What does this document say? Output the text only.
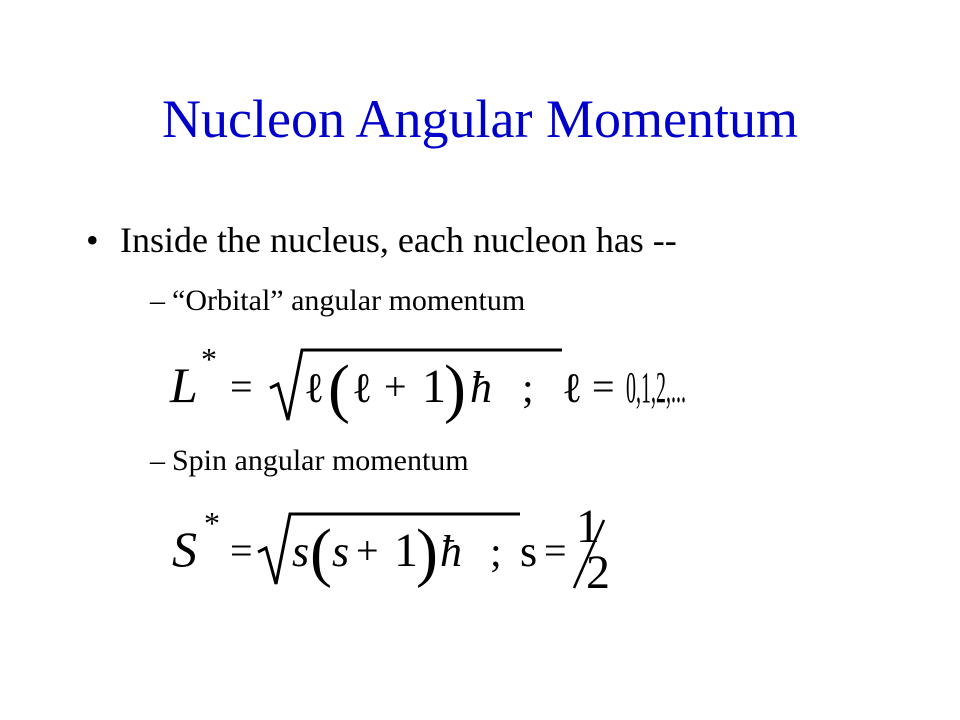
Nucleon Angular Momentum
• Inside the nucleus, each nucleon has --
– “Orbital” angular momentum
L *
= ℓ ( ℓ + 1
) ħ ; ℓ = 0,1,2,...
– Spin angular momentum
S *
= s ( s + 1
) ħ ; s = 1
2
